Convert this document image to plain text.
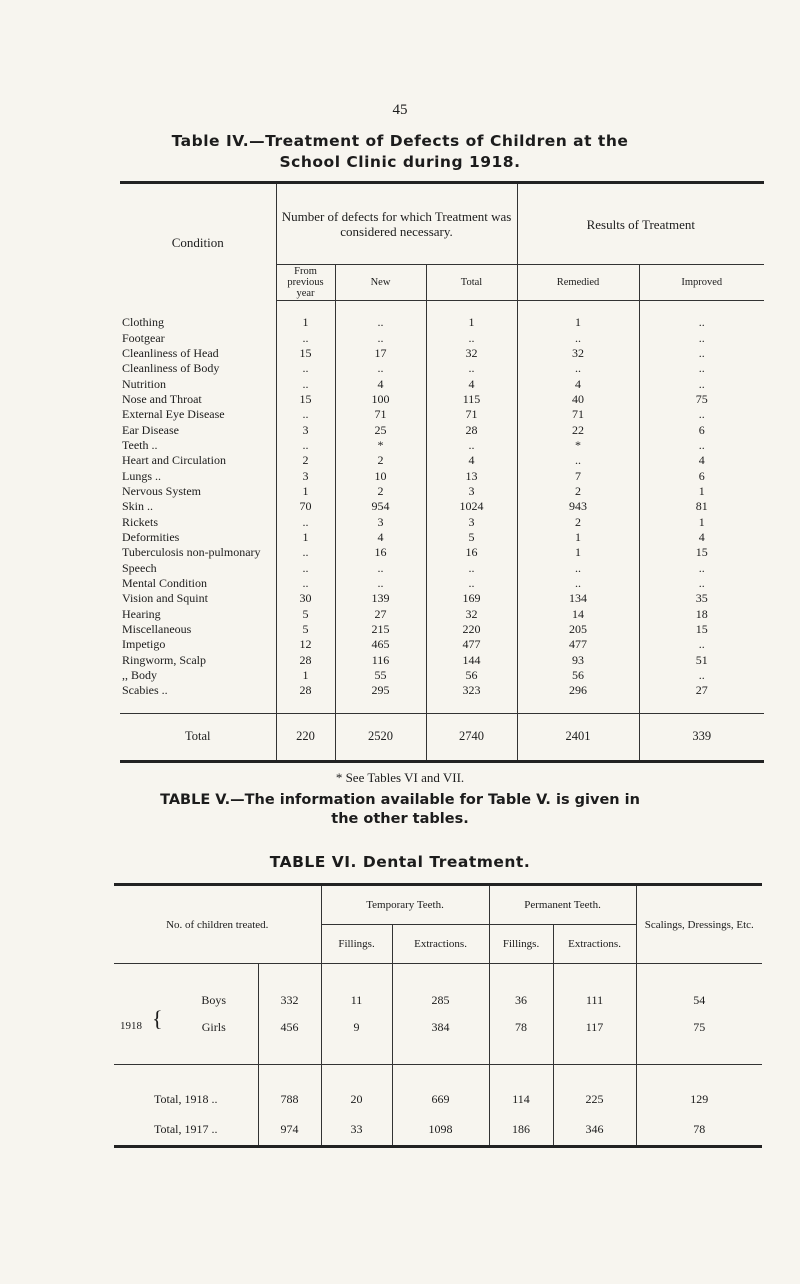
45
Table IV.—Treatment of Defects of Children at the
School Clinic during 1918.
Condition	Number of defects for which Treatment was considered necessary.			Results of Treatment	
	From previous year	New	Total	Remedied	Improved

Clothing	1	..	1	1	..
Footgear	..	..	..	..	..
Cleanliness of Head	15	17	32	32	..
Cleanliness of Body	..	..	..	..	..
Nutrition	..	4	4	4	..
Nose and Throat	15	100	115	40	75
External Eye Disease	..	71	71	71	..
Ear Disease	3	25	28	22	6
Teeth ..	..	*	..	*	..
Heart and Circulation	2	2	4	..	4
Lungs ..	3	10	13	7	6
Nervous System	1	2	3	2	1
Skin ..	70	954	1024	943	81
Rickets	..	3	3	2	1
Deformities	1	4	5	1	4
Tuberculosis non-pulmonary	..	16	16	1	15
Speech	..	..	..	..	..
Mental Condition	..	..	..	..	..
Vision and Squint	30	139	169	134	35
Hearing	5	27	32	14	18
Miscellaneous	5	215	220	205	15
Impetigo	12	465	477	477	..
Ringworm, Scalp	28	116	144	93	51
,, Body	1	55	56	56	..
Scabies ..	28	295	323	296	27

Total	220	2520	2740	2401	339
* See Tables VI and VII.
TABLE V.—The information available for Table V. is given in
the other tables.
TABLE VI. Dental Treatment.
No. of children treated.		Temporary Teeth.		Permanent Teeth.		Scalings, Dressings, Etc.
		Fillings.	Extractions.	Fillings.	Extractions.	

1918 {
Boys	332	11	285	36	111	54
Girls	456	9	384	78	117	75
Total, 1918 ..	788	20	669	114	225	129
Total, 1917 ..	974	33	1098	186	346	78
